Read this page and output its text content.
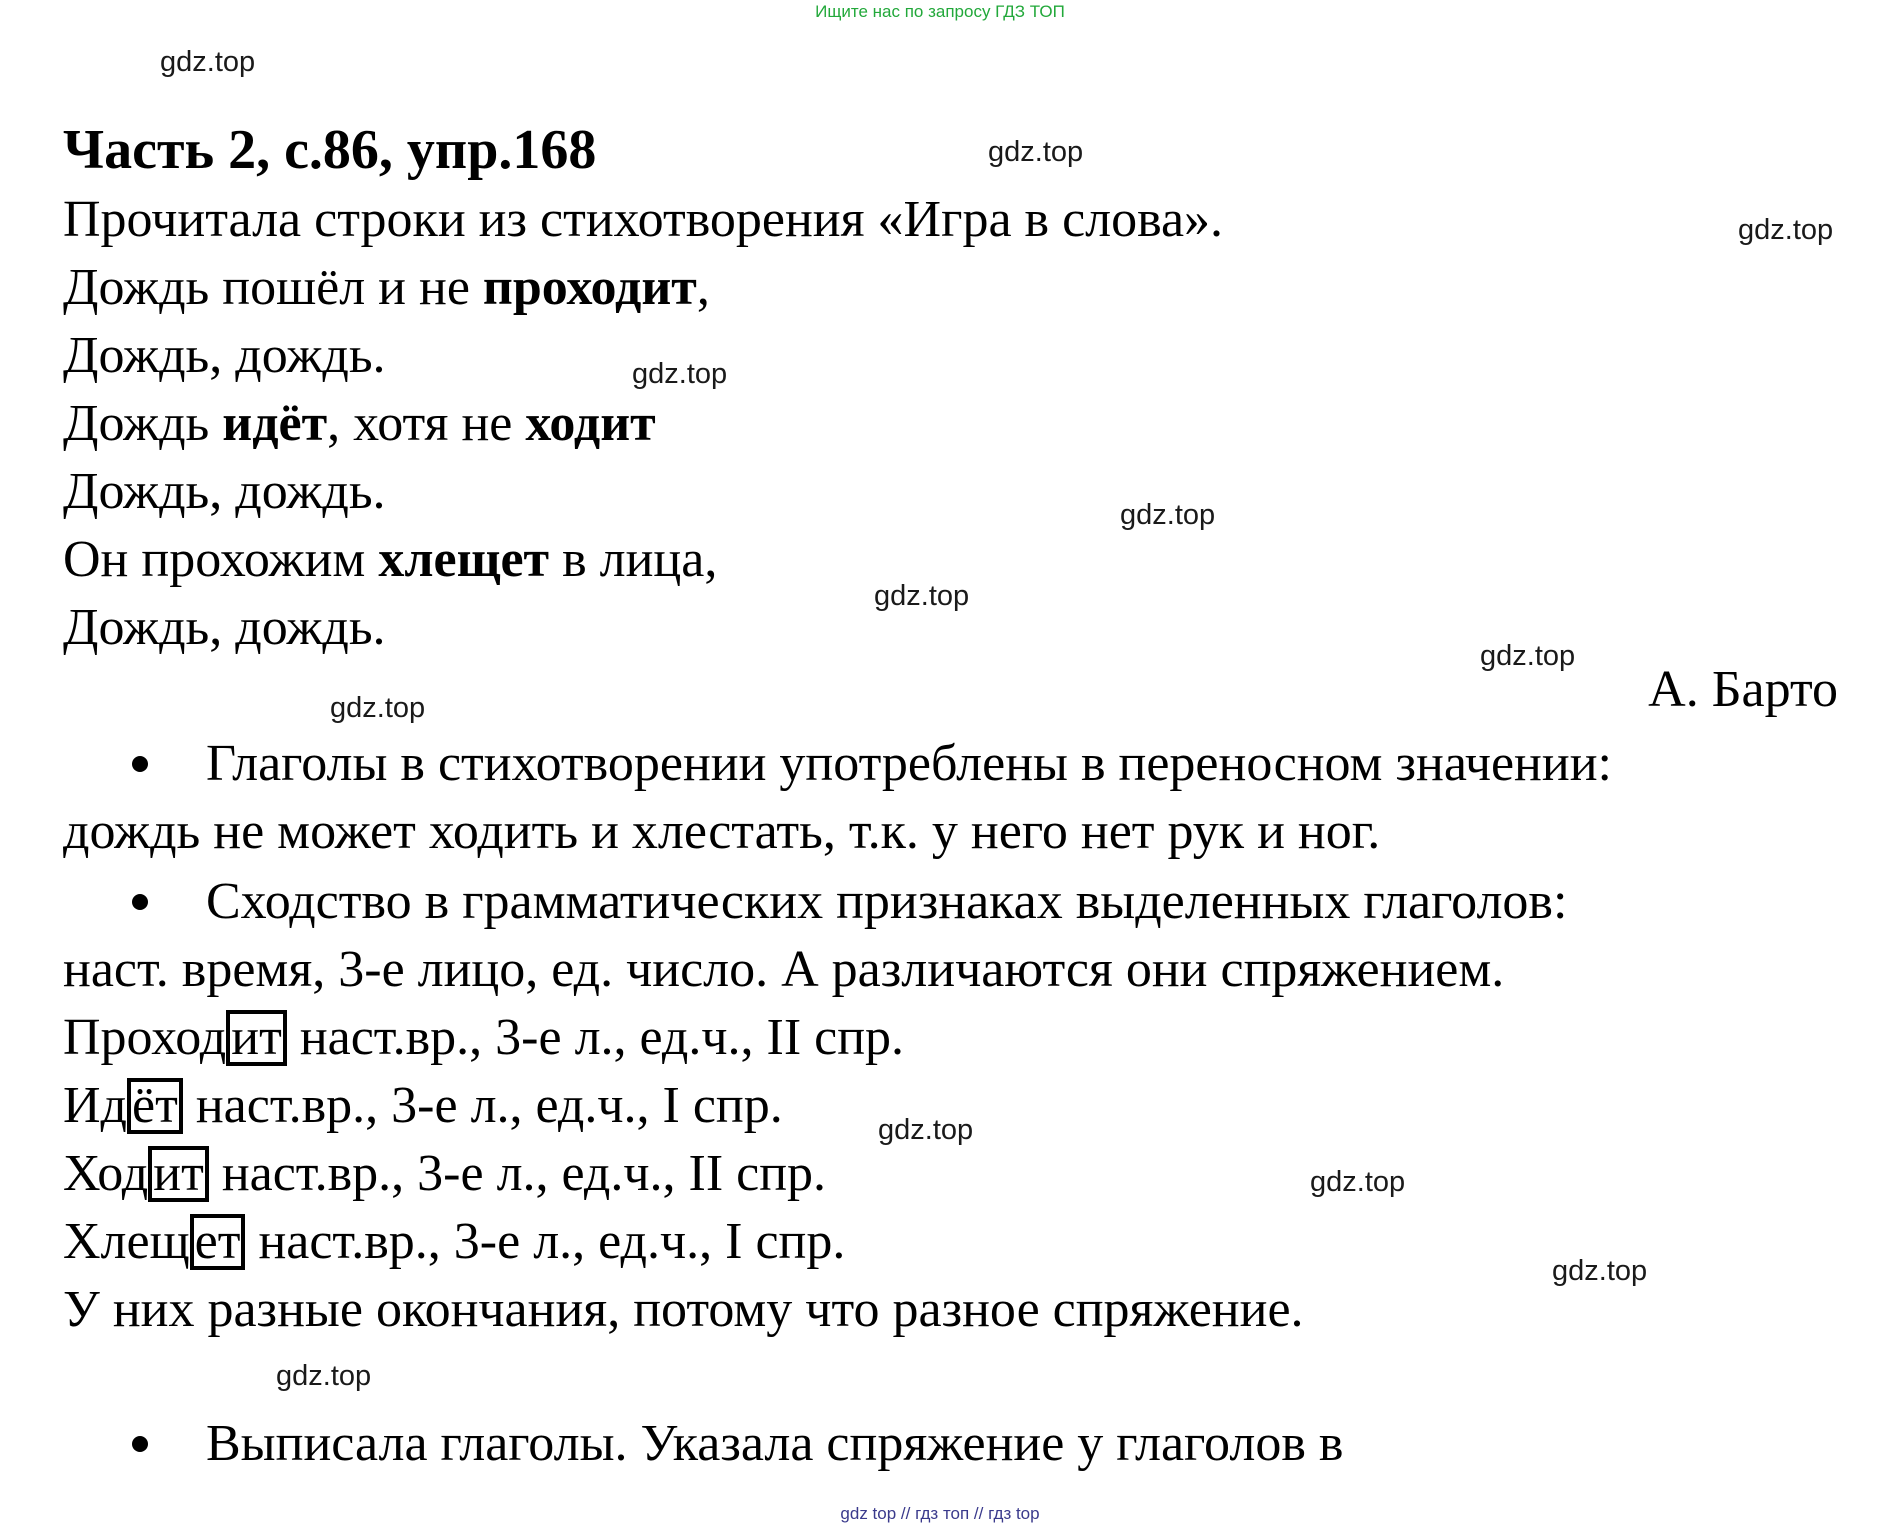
Ищите нас по запросу ГДЗ ТОП
gdz.top
gdz.top
gdz.top
gdz.top
gdz.top
gdz.top
gdz.top
gdz.top
gdz.top
gdz.top
gdz.top
gdz.top
Часть 2, с.86, упр.168
Прочитала строки из стихотворения «Игра в слова».
Дождь пошёл и не проходит,
Дождь, дождь.
Дождь идёт, хотя не ходит
Дождь, дождь.
Он прохожим хлещет в лица,
Дождь, дождь.
А. Барто
Глаголы в стихотворении употреблены в переносном значении:
дождь не может ходить и хлестать, т.к. у него нет рук и ног.
Сходство в грамматических признаках выделенных глаголов:
наст. время, 3-е лицо, ед. число. А различаются они спряжением.
Проходит наст.вр., 3-е л., ед.ч., II спр.
Идёт наст.вр., 3-е л., ед.ч., I спр.
Ходит наст.вр., 3-е л., ед.ч., II спр.
Хлещет наст.вр., 3-е л., ед.ч., I спр.
У них разные окончания, потому что разное спряжение.
Выписала глаголы. Указала спряжение у глаголов в
gdz top // гдз топ // гдз top
